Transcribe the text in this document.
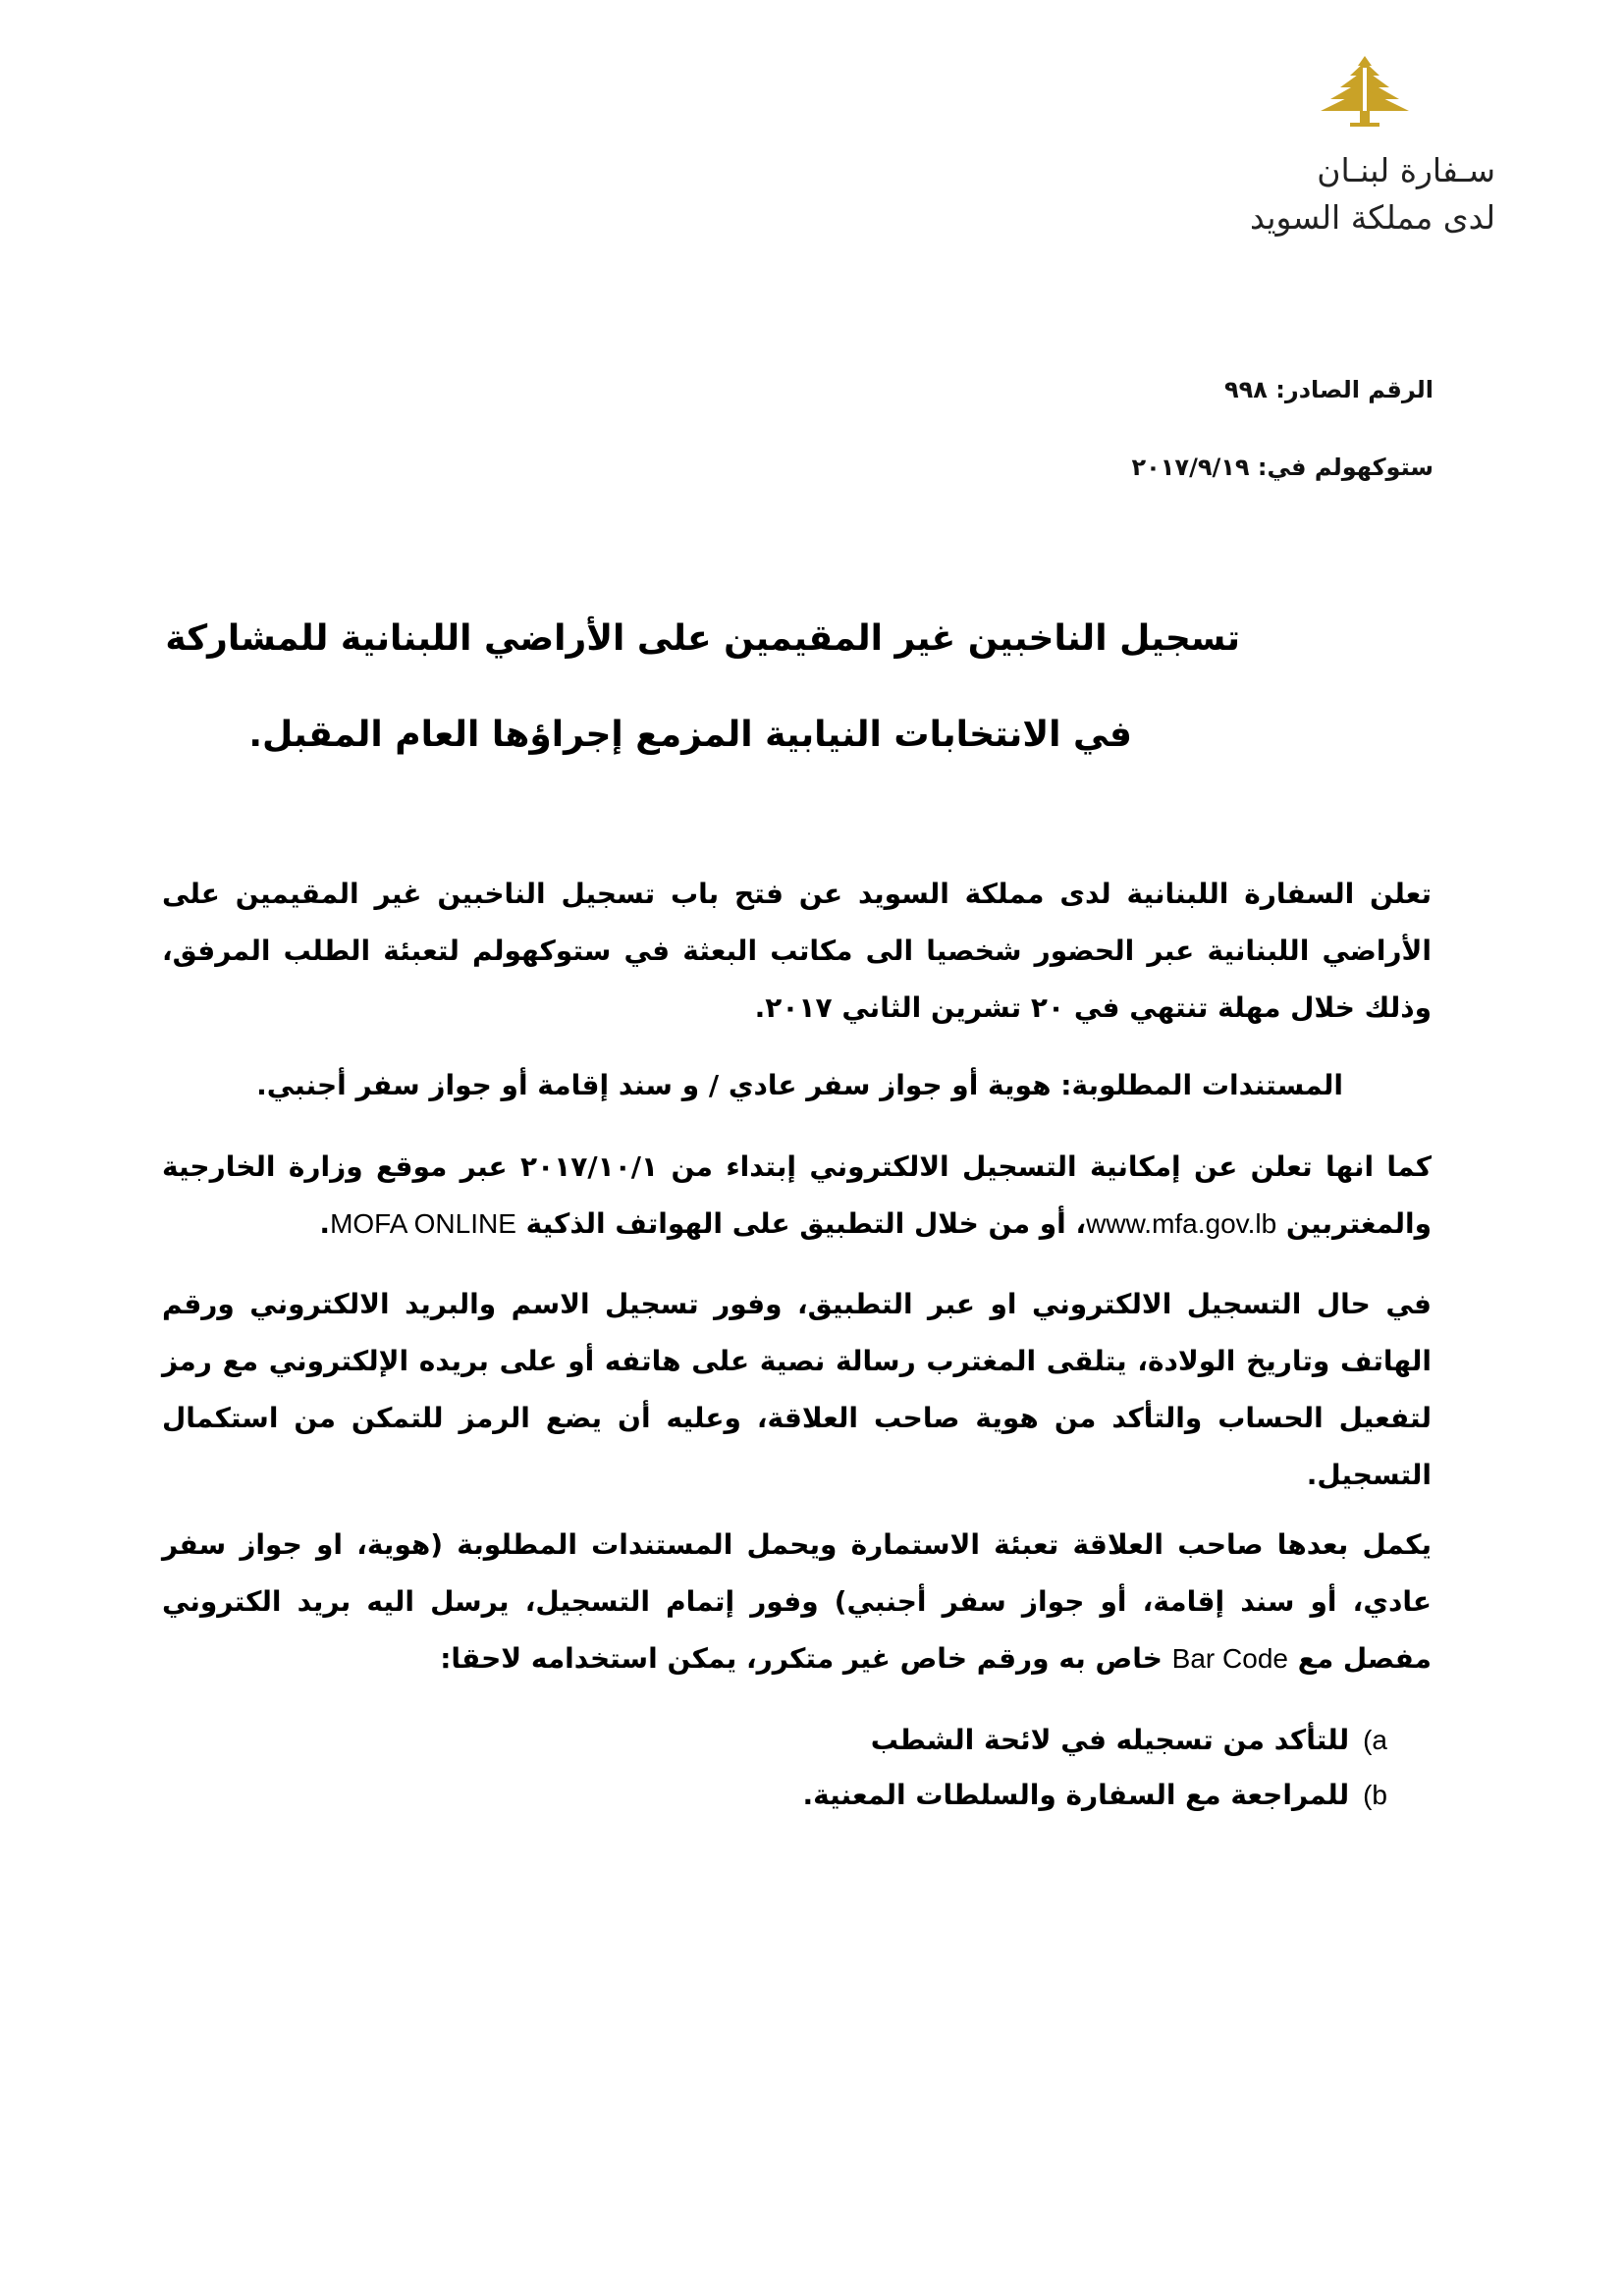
سـفارة لبنـان
لدى مملكة السويد
الرقم الصادر: ٩٩٨
ستوكهولم في: ٢٠١٧/٩/١٩
تسجيل الناخبين غير المقيمين على الأراضي اللبنانية للمشاركة
في الانتخابات النيابية المزمع إجراؤها العام المقبل.

تعلن السفارة اللبنانية لدى مملكة السويد عن فتح باب تسجيل الناخبين غير المقيمين على الأراضي اللبنانية عبر الحضور شخصيا الى مكاتب البعثة في ستوكهولم لتعبئة الطلب المرفق، وذلك خلال مهلة تنتهي في ٢٠ تشرين الثاني ٢٠١٧.

المستندات المطلوبة: هوية أو جواز سفر عادي / و سند إقامة أو جواز سفر أجنبي.

كما انها تعلن عن إمكانية التسجيل الالكتروني إبتداء من ٢٠١٧/١٠/١ عبر موقع وزارة الخارجية والمغتربين www.mfa.gov.lb، أو من خلال التطبيق على الهواتف الذكية MOFA ONLINE.

في حال التسجيل الالكتروني او عبر التطبيق، وفور تسجيل الاسم والبريد الالكتروني ورقم الهاتف وتاريخ الولادة، يتلقى المغترب رسالة نصية على هاتفه أو على بريده الإلكتروني مع رمز لتفعيل الحساب والتأكد من هوية صاحب العلاقة، وعليه أن يضع الرمز للتمكن من استكمال التسجيل.

يكمل بعدها صاحب العلاقة تعبئة الاستمارة ويحمل المستندات المطلوبة (هوية، او جواز سفر عادي، أو سند إقامة، أو جواز سفر أجنبي) وفور إتمام التسجيل، يرسل اليه بريد الكتروني مفصل مع Bar Code خاص به ورقم خاص غير متكرر، يمكن استخدامه لاحقا:

a)للتأكد من تسجيله في لائحة الشطب
b)للمراجعة مع السفارة والسلطات المعنية.
